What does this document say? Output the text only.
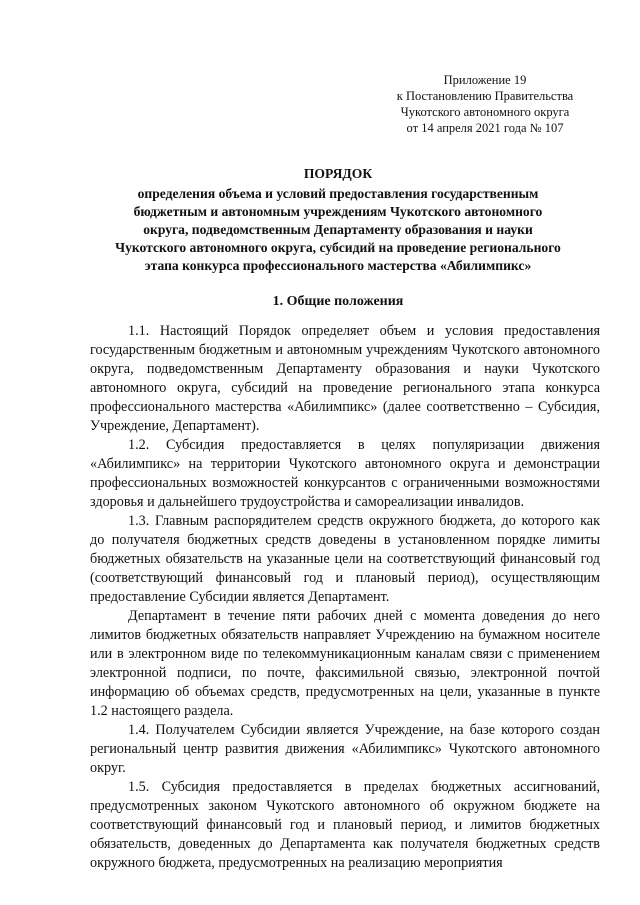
Приложение 19
к Постановлению Правительства
Чукотского автономного округа
от 14 апреля 2021 года № 107
ПОРЯДОК
определения объема и условий предоставления государственным
бюджетным и автономным учреждениям Чукотского автономного
округа, подведомственным Департаменту образования и науки
Чукотского автономного округа, субсидий на проведение регионального
этапа конкурса профессионального мастерства «Абилимпикс»
1. Общие положения

1.1. Настоящий Порядок определяет объем и условия предоставления государственным бюджетным и автономным учреждениям Чукотского автономного округа, подведомственным Департаменту образования и науки Чукотского автономного округа, субсидий на проведение регионального этапа конкурса профессионального мастерства «Абилимпикс» (далее соответственно – Субсидия, Учреждение, Департамент).

1.2. Субсидия предоставляется в целях популяризации движения «Абилимпикс» на территории Чукотского автономного округа и демонстрации профессиональных возможностей конкурсантов с ограниченными возможностями здоровья и дальнейшего трудоустройства и самореализации инвалидов.

1.3. Главным распорядителем средств окружного бюджета, до которого как до получателя бюджетных средств доведены в установленном порядке лимиты бюджетных обязательств на указанные цели на соответствующий финансовый год (соответствующий финансовый год и плановый период), осуществляющим предоставление Субсидии является Департамент.

Департамент в течение пяти рабочих дней с момента доведения до него лимитов бюджетных обязательств направляет Учреждению на бумажном носителе или в электронном виде по телекоммуникационным каналам связи с применением электронной подписи, по почте, факсимильной связью, электронной почтой информацию об объемах средств, предусмотренных на цели, указанные в пункте 1.2 настоящего раздела.

1.4. Получателем Субсидии является Учреждение, на базе которого создан региональный центр развития движения «Абилимпикс» Чукотского автономного округ.

1.5. Субсидия предоставляется в пределах бюджетных ассигнований, предусмотренных законом Чукотского автономного об окружном бюджете на соответствующий финансовый год и плановый период, и лимитов бюджетных обязательств, доведенных до Департамента как получателя бюджетных средств окружного бюджета, предусмотренных на реализацию мероприятия
